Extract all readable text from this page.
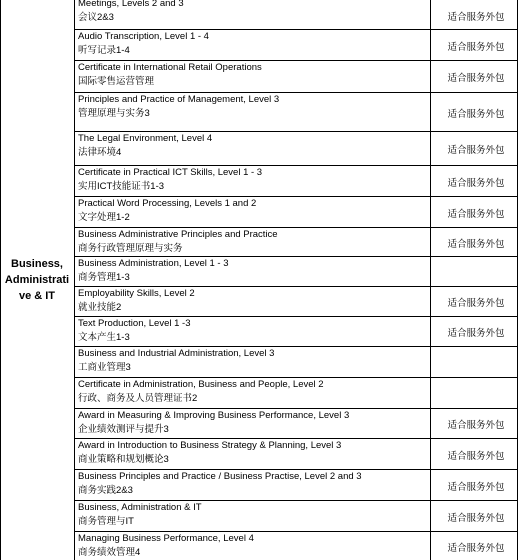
Business,
Administrati
ve & IT
Meetings, Levels 2 and 3
会议2&3	适合服务外包
Audio Transcription, Level 1 - 4
听写记录1-4	适合服务外包
Certificate in International Retail Operations
国际零售运营管理	适合服务外包
Principles and Practice of Management, Level 3
管理原理与实务3	适合服务外包
The Legal Environment, Level 4
法律环境4	适合服务外包
Certificate in Practical ICT Skills, Level 1 - 3
实用ICT技能证书1-3	适合服务外包
Practical Word Processing, Levels 1 and 2
文字处理1-2	适合服务外包
Business Administrative Principles and Practice
商务行政管理原理与实务	适合服务外包
Business Administration, Level 1 - 3
商务管理1-3
Employability Skills, Level 2
就业技能2	适合服务外包
Text Production, Level 1 -3
文本产生1-3	适合服务外包
Business and Industrial Administration, Level 3
工商业管理3
Certificate in Administration, Business and People, Level 2
行政、商务及人员管理证书2
Award in Measuring & Improving Business Performance, Level 3
企业绩效测评与提升3	适合服务外包
Award in Introduction to Business Strategy & Planning, Level 3
商业策略和规划概论3	适合服务外包
Business Principles and Practice / Business Practise, Level 2 and 3
商务实践2&3	适合服务外包
Business, Administration & IT
商务管理与IT	适合服务外包
Managing Business Performance, Level 4
商务绩效管理4	适合服务外包
